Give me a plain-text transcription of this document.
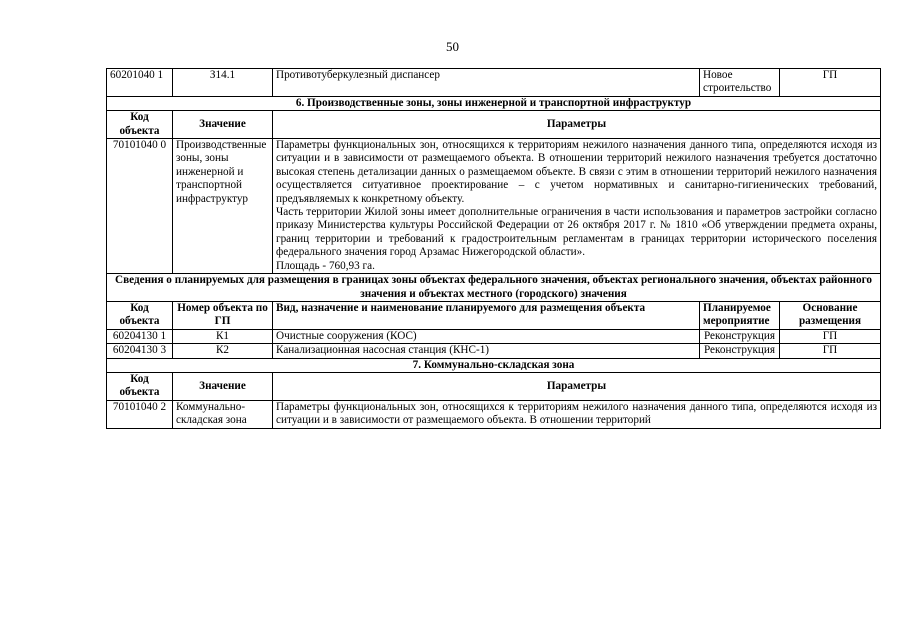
50
60201040 1	З14.1	Противотуберкулезный диспансер	Новое строительство	ГП
6. Производственные зоны, зоны инженерной и транспортной инфраструктур				
Код объекта	Значение	Параметры		
70101040 0	Производственные зоны, зоны инженерной и транспортной инфраструктур	Параметры функциональных зон, относящихся к территориям нежилого назначения данного типа, определяются исходя из ситуации и в зависимости от размещаемого объекта. В отношении территорий нежилого назначения требуется достаточно высокая степень детализации данных о размещаемом объекте. В связи с этим в отношении территорий нежилого назначения осуществляется ситуативное проектирование – с учетом нормативных и санитарно-гигиенических требований, предъявляемых к конкретному объекту.

Часть территории Жилой зоны имеет дополнительные ограничения в части использования и параметров застройки согласно приказу Министерства культуры Российской Федерации от 26 октября 2017 г. № 1810 «Об утверждении предмета охраны, границ территории и требований к градостроительным регламентам в границах территории исторического поселения федерального значения город Арзамас Нижегородской области».

Площадь - 760,93 га.		

Сведения о планируемых для размещения в границах зоны объектах федерального значения, объектах регионального значения, объектах районного значения и объектах местного (городского) значения				
Код объекта	Номер объекта по ГП	Вид, назначение и наименование планируемого для размещения объекта	Планируемое мероприятие	Основание размещения
60204130 1	К1	Очистные сооружения (КОС)	Реконструкция	ГП
60204130 3	К2	Канализационная насосная станция (КНС-1)	Реконструкция	ГП
7. Коммунально-складская зона				
Код объекта	Значение	Параметры		
70101040 2	Коммунально-складская зона	Параметры функциональных зон, относящихся к территориям нежилого назначения данного типа, определяются исходя из ситуации и в зависимости от размещаемого объекта. В отношении территорий		
